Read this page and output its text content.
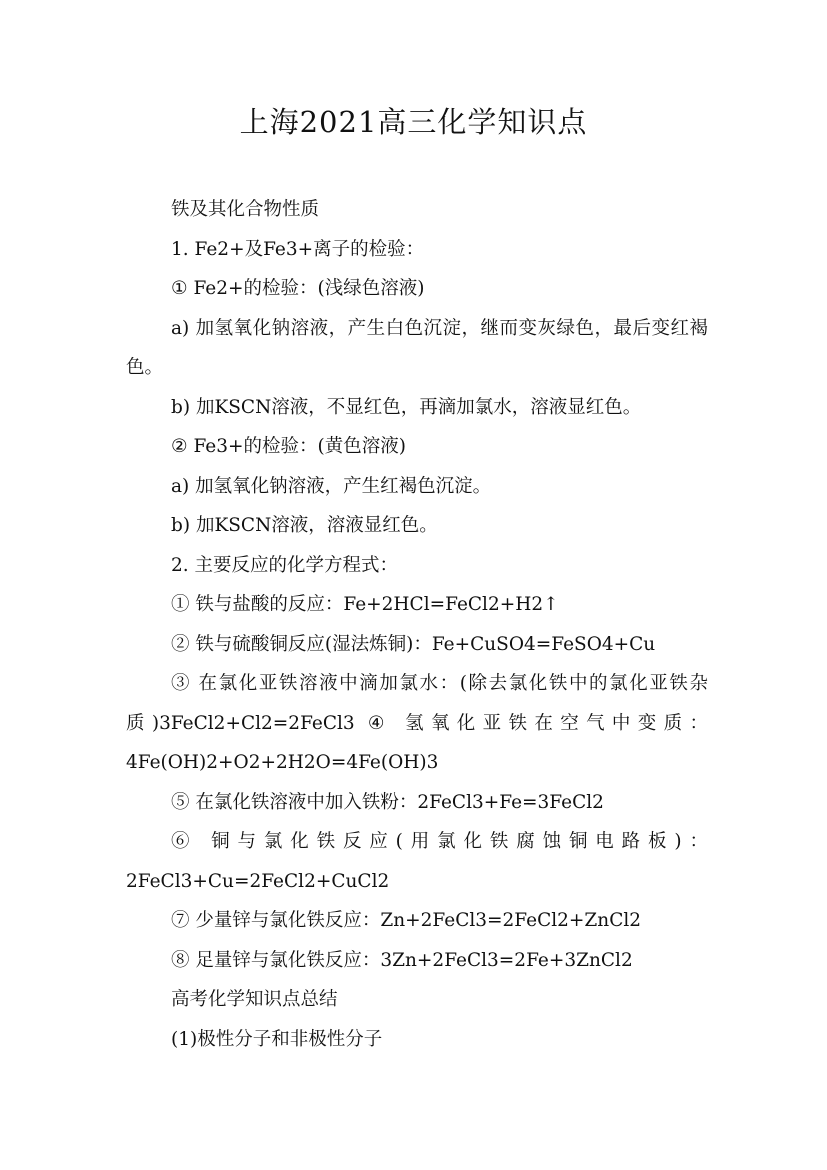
上海2021高三化学知识点

铁及其化合物性质

1. Fe2+及Fe3+离子的检验：

① Fe2+的检验：(浅绿色溶液)

a) 加氢氧化钠溶液，产生白色沉淀，继而变灰绿色，最后变红褐色。

b) 加KSCN溶液，不显红色，再滴加氯水，溶液显红色。

② Fe3+的检验：(黄色溶液)

a) 加氢氧化钠溶液，产生红褐色沉淀。

b) 加KSCN溶液，溶液显红色。

2. 主要反应的化学方程式：

① 铁与盐酸的反应：Fe+2HCl=FeCl2+H2↑

② 铁与硫酸铜反应(湿法炼铜)：Fe+CuSO4=FeSO4+Cu

③ 在氯化亚铁溶液中滴加氯水：(除去氯化铁中的氯化亚铁杂质)3FeCl2+Cl2=2FeCl3 ④ 氢氧化亚铁在空气中变质：4Fe(OH)2+O2+2H2O=4Fe(OH)3

⑤ 在氯化铁溶液中加入铁粉：2FeCl3+Fe=3FeCl2

⑥ 铜与氯化铁反应(用氯化铁腐蚀铜电路板)：2FeCl3+Cu=2FeCl2+CuCl2

⑦ 少量锌与氯化铁反应：Zn+2FeCl3=2FeCl2+ZnCl2

⑧ 足量锌与氯化铁反应：3Zn+2FeCl3=2Fe+3ZnCl2

高考化学知识点总结

(1)极性分子和非极性分子
